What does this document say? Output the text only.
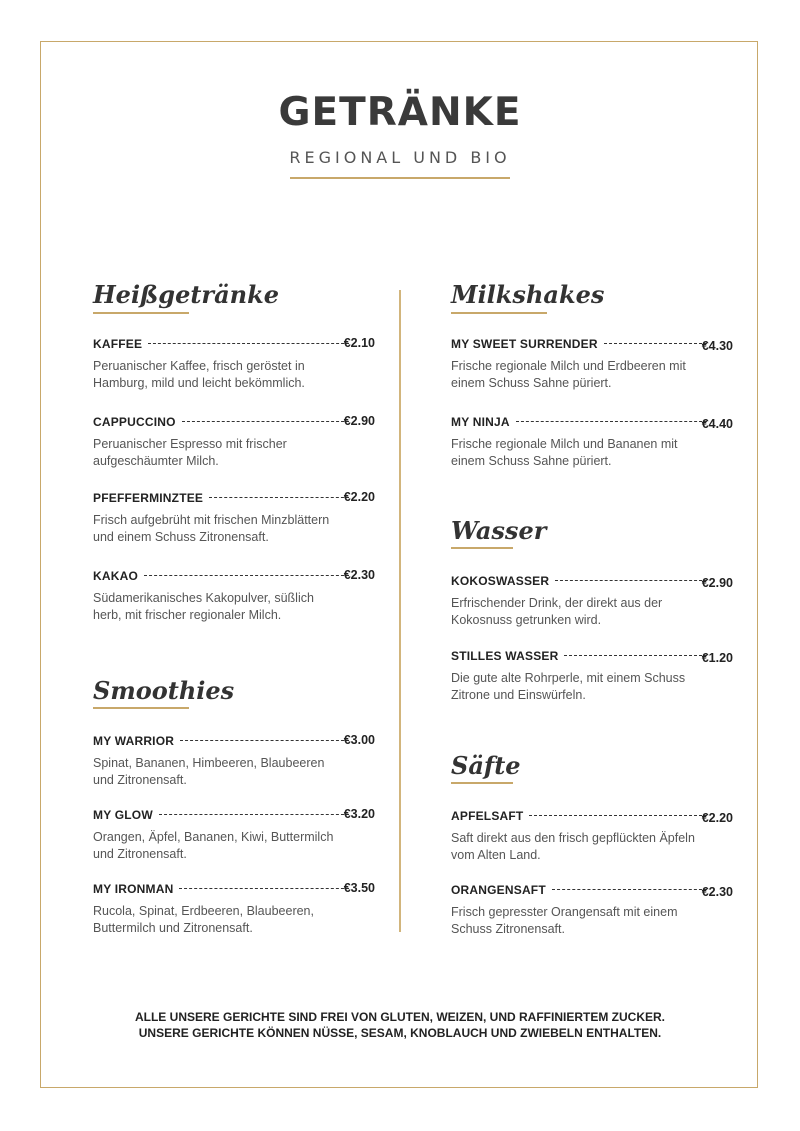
GETRÄNKE
REGIONAL UND BIO
Heißgetränke
KAFFEE	€2.10
Peruanischer Kaffee, frisch geröstet in Hamburg, mild und leicht bekömmlich.
CAPPUCCINO	€2.90
Peruanischer Espresso mit frischer aufgeschäumter Milch.
PFEFFERMINZTEE	€2.20
Frisch aufgebrüht mit frischen Minzblättern und einem Schuss Zitronensaft.
KAKAO	€2.30
Südamerikanisches Kakopulver, süßlich herb, mit frischer regionaler Milch.
Smoothies
MY WARRIOR	€3.00
Spinat, Bananen, Himbeeren, Blaubeeren und Zitronensaft.
MY GLOW	€3.20
Orangen, Äpfel, Bananen, Kiwi, Buttermilch und Zitronensaft.
MY IRONMAN	€3.50
Rucola, Spinat, Erdbeeren, Blaubeeren, Buttermilch und Zitronensaft.
Milkshakes
MY SWEET SURRENDER	€4.30
Frische regionale Milch und Erdbeeren mit einem Schuss Sahne püriert.
MY NINJA	€4.40
Frische regionale Milch und Bananen mit einem Schuss Sahne püriert.
Wasser
KOKOSWASSER	€2.90
Erfrischender Drink, der direkt aus der Kokosnuss getrunken wird.
STILLES WASSER	€1.20
Die gute alte Rohrperle, mit einem Schuss Zitrone und Einswürfeln.
Säfte
APFELSAFT	€2.20
Saft direkt aus den frisch gepflückten Äpfeln vom Alten Land.
ORANGENSAFT	€2.30
Frisch gepresster Orangensaft mit einem Schuss Zitronensaft.
ALLE UNSERE GERICHTE SIND FREI VON GLUTEN, WEIZEN, UND RAFFINIERTEM ZUCKER.
UNSERE GERICHTE KÖNNEN NÜSSE, SESAM, KNOBLAUCH UND ZWIEBELN ENTHALTEN.
